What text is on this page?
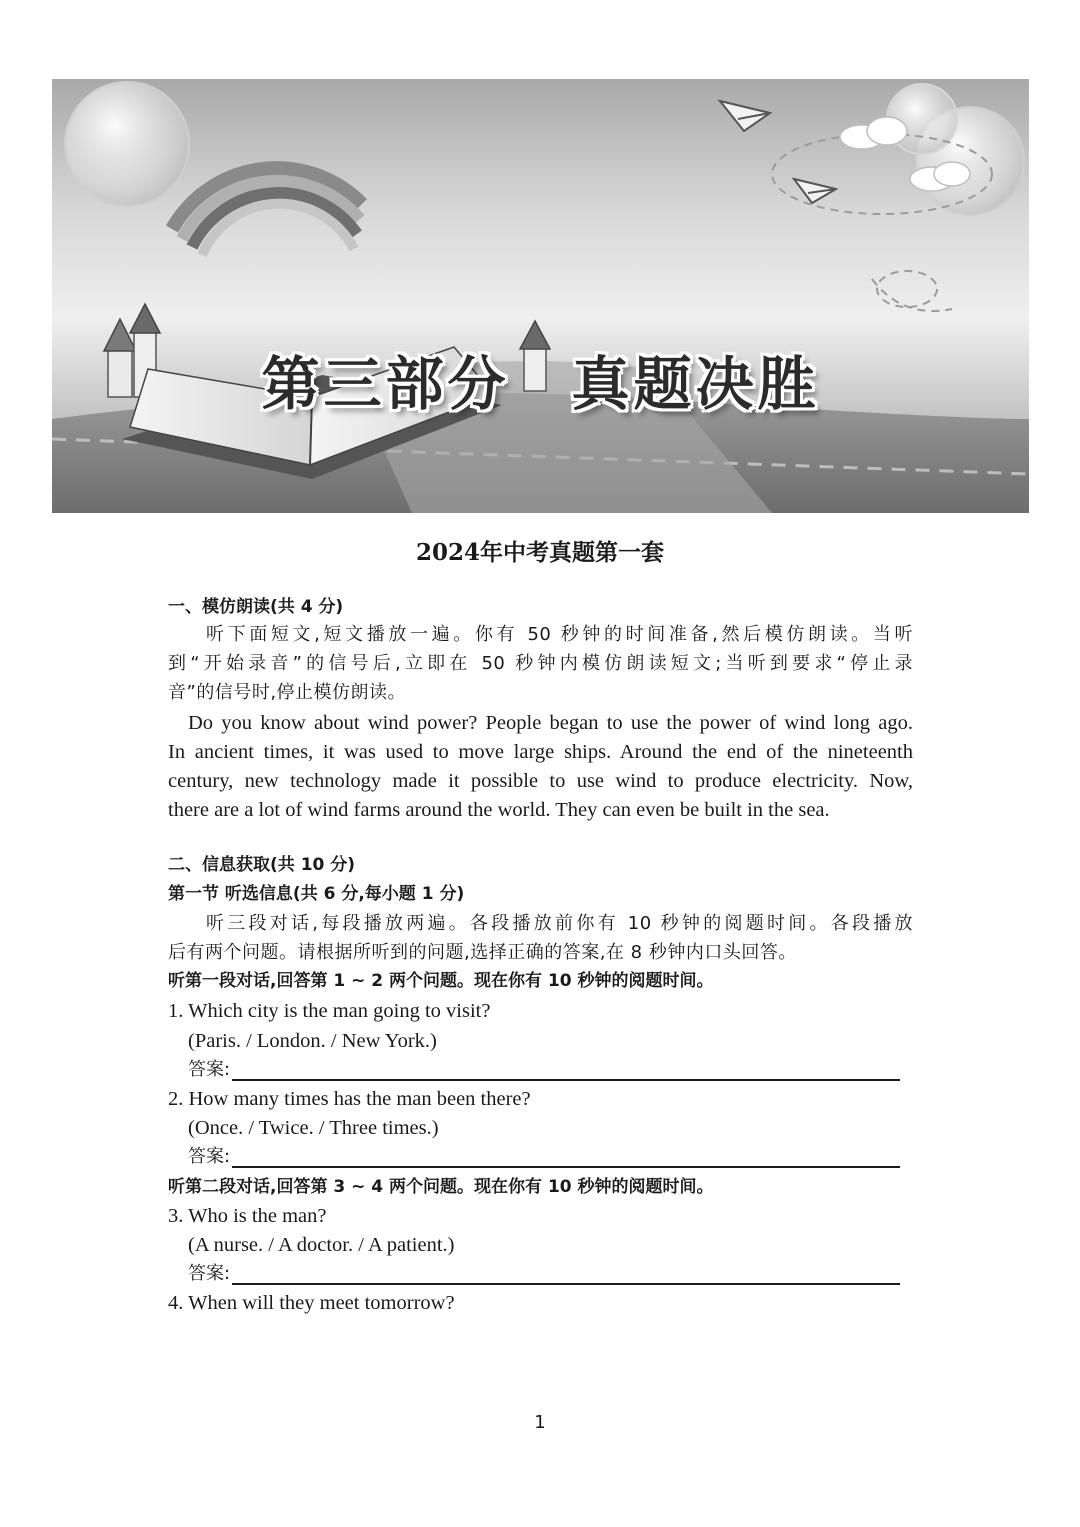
第三部分　真题决胜
2024年中考真题第一套
一、模仿朗读(共 4 分)
听下面短文,短文播放一遍。你有 50 秒钟的时间准备,然后模仿朗读。当听
到“开始录音”的信号后,立即在 50 秒钟内模仿朗读短文;当听到要求“停止录
音”的信号时,停止模仿朗读。
Do you know about wind power? People began to use the power of wind long ago.
In ancient times, it was used to move large ships. Around the end of the nineteenth
century, new technology made it possible to use wind to produce electricity. Now,
there are a lot of wind farms around the world. They can even be built in the sea.
二、信息获取(共 10 分)
第一节 听选信息(共 6 分,每小题 1 分)
听三段对话,每段播放两遍。各段播放前你有 10 秒钟的阅题时间。各段播放
后有两个问题。请根据所听到的问题,选择正确的答案,在 8 秒钟内口头回答。
听第一段对话,回答第 1 ~ 2 两个问题。现在你有 10 秒钟的阅题时间。
1. Which city is the man going to visit?
(Paris. / London. / New York.)
答案:
2. How many times has the man been there?
(Once. / Twice. / Three times.)
答案:
听第二段对话,回答第 3 ~ 4 两个问题。现在你有 10 秒钟的阅题时间。
3. Who is the man?
(A nurse. / A doctor. / A patient.)
答案:
4. When will they meet tomorrow?
1
